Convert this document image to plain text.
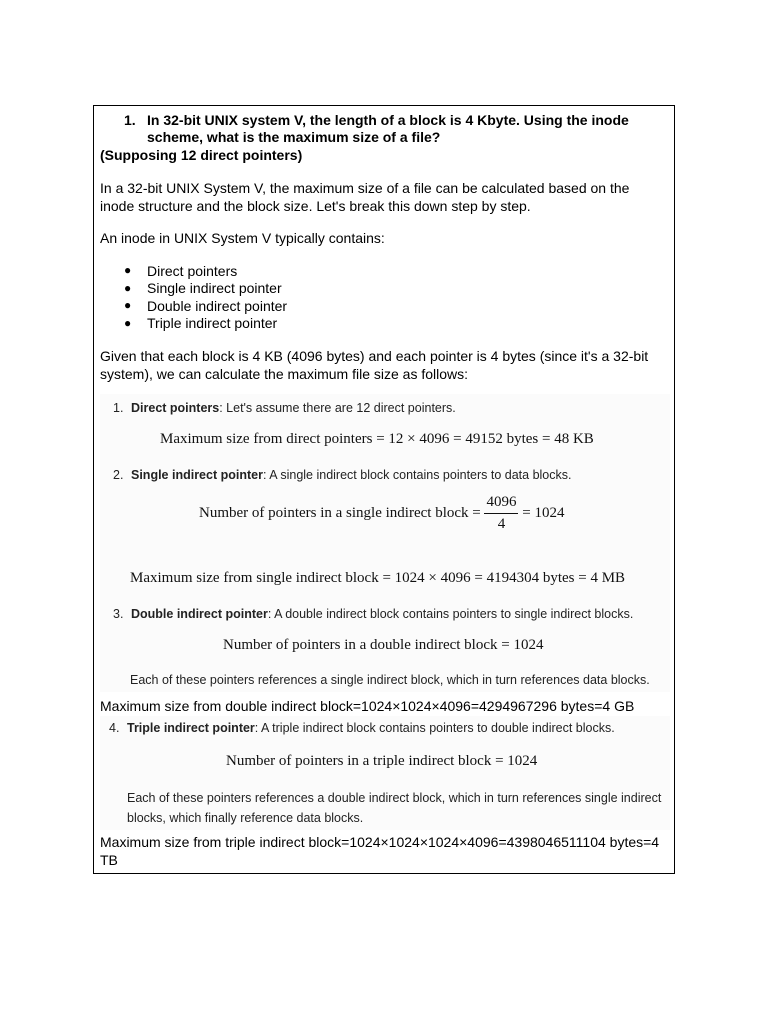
1. In 32-bit UNIX system V, the length of a block is 4 Kbyte. Using the inode
scheme, what is the maximum size of a file?
(Supposing 12 direct pointers)
In a 32-bit UNIX System V, the maximum size of a file can be calculated based on the
inode structure and the block size. Let's break this down step by step.
An inode in UNIX System V typically contains:
● Direct pointers
● Single indirect pointer
● Double indirect pointer
● Triple indirect pointer
Given that each block is 4 KB (4096 bytes) and each pointer is 4 bytes (since it's a 32-bit
system), we can calculate the maximum file size as follows:
1. Direct pointers: Let's assume there are 12 direct pointers.
Maximum size from direct pointers = 12 × 4096 = 49152 bytes = 48 KB
2. Single indirect pointer: A single indirect block contains pointers to data blocks.
Number of pointers in a single indirect block = $\frac{4096}{4} = 1024$
Maximum size from single indirect block = 1024 × 4096 = 4194304 bytes = 4 MB
3. Double indirect pointer: A double indirect block contains pointers to single indirect blocks.
Number of pointers in a double indirect block = 1024
Each of these pointers references a single indirect block, which in turn references data blocks.
Maximum size from double indirect block=1024×1024×4096=4294967296 bytes=4 GB
4. Triple indirect pointer: A triple indirect block contains pointers to double indirect blocks.
Number of pointers in a triple indirect block = 1024
Each of these pointers references a double indirect block, which in turn references single indirect
blocks, which finally reference data blocks.
Maximum size from triple indirect block=1024×1024×1024×4096=4398046511104 bytes=4
TB
